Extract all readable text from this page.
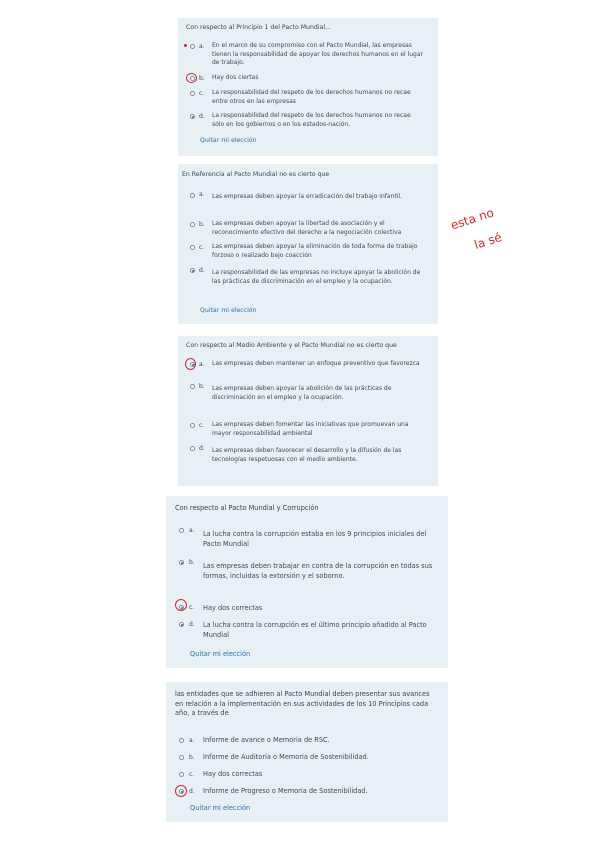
Con respecto al Principio 1 del Pacto Mundial...
a. En el marco de su compromiso con el Pacto Mundial, las empresas tienen la responsabilidad de apoyar los derechos humanos en el lugar de trabajo.
b. Hay dos ciertas
c. La responsabilidad del respeto de los derechos humanos no recae entre otros en las empresas
d. La responsabilidad del respeto de los derechos humanos no recae sólo en los gobiernos o en los estados-nación.
Quitar mi elección
En Referencia al Pacto Mundial no es cierto que
a. Las empresas deben apoyar la erradicación del trabajo infantil.
b. Las empresas deben apoyar la libertad de asociación y el reconocimiento efectivo del derecho a la negociación colectiva
c. Las empresas deben apoyar la eliminación de toda forma de trabajo forzoso o realizado bajo coacción
d. La responsabilidad de las empresas no incluye apoyar la abolición de las prácticas de discriminación en el empleo y la ocupación.
Quitar mi elección
Con respecto al Medio Ambiente y el Pacto Mundial no es cierto que
a. Las empresas deben mantener un enfoque preventivo que favorezca
b. Las empresas deben apoyar la abolición de las prácticas de discriminación en el empleo y la ocupación.
c. Las empresas deben fomentar las iniciativas que promuevan una mayor responsabilidad ambiental
d. Las empresas deben favorecer el desarrollo y la difusión de las tecnologías respetuosas con el medio ambiente.
Con respecto al Pacto Mundial y Corrupción
a. La lucha contra la corrupción estaba en los 9 principios iniciales del Pacto Mundial
b. Las empresas deben trabajar en contra de la corrupción en todas sus formas, incluidas la extorsión y el soborno.
c. Hay dos correctas
d. La lucha contra la corrupción es el último principio añadido al Pacto Mundial
Quitar mi elección
las entidades que se adhieren al Pacto Mundial deben presentar sus avances en relación a la implementación en sus actividades de los 10 Principios cada año, a través de
a. Informe de avance o Memoria de RSC.
b. Informe de Auditoría o Memoria de Sostenibilidad.
c. Hay dos correctas
d. Informe de Progreso o Memoria de Sostenibilidad.
Quitar mi elección
esta no
la sé
